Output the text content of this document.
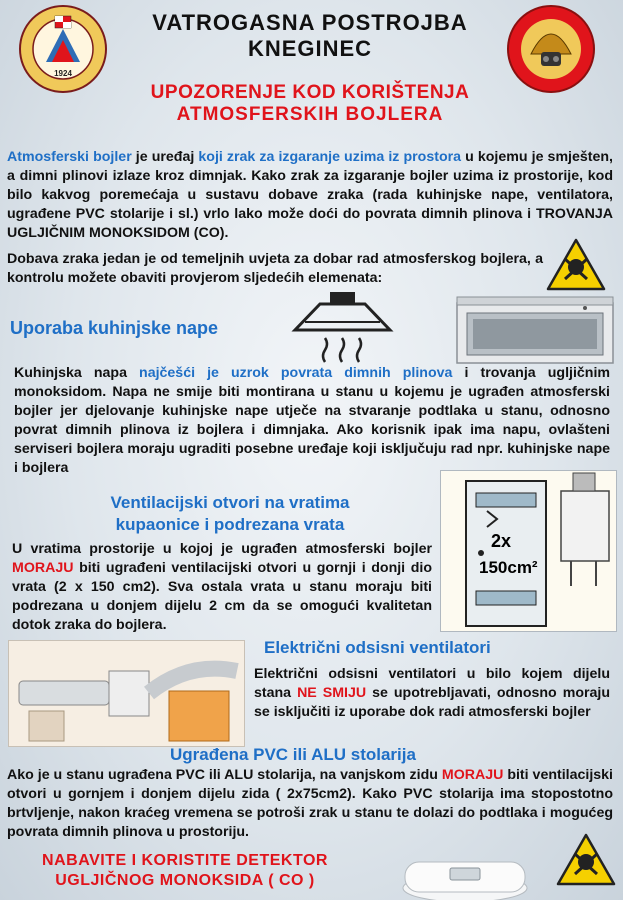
1924
VATROGASNA POSTROJBA
KNEGINEC
UPOZORENJE KOD KORIŠTENJA
ATMOSFERSKIH BOJLERA
Atmosferski bojler je uređaj koji zrak za izgaranje uzima iz prostora u kojemu je smješten, a dimni plinovi izlaze kroz dimnjak. Kako zrak za izgaranje bojler uzima iz prostorije, kod bilo kakvog poremećaja u sustavu dobave zraka (rada kuhinjske nape, ventilatora, ugrađene PVC stolarije i sl.) vrlo lako može doći do povrata dimnih plinova i TROVANJA UGLJIČNIM MONOKSIDOM (CO).
Dobava zraka jedan je od temeljnih uvjeta za dobar rad atmosferskog bojlera, a kontrolu možete obaviti provjerom sljedećih elemenata:
Uporaba kuhinjske nape
Kuhinjska napa najčešći je uzrok povrata dimnih plinova i trovanja ugljičnim monoksidom. Napa ne smije biti montirana u stanu u kojemu je ugrađen atmosferski bojler jer djelovanje kuhinjske nape utječe na stvaranje podtlaka u stanu, odnosno povrat dimnih plinova iz bojlera i dimnjaka. Ako korisnik ipak ima napu, ovlašteni serviseri bojlera moraju ugraditi posebne uređaje koji isključuju rad npr. kuhinjske nape i bojlera
Ventilacijski otvori na vratima
kupaonice i podrezana vrata
U vratima prostorije u kojoj je ugrađen atmosferski bojler MORAJU biti ugrađeni ventilacijski otvori u gornji i donji dio vrata (2 x 150 cm2). Sva ostala vrata u stanu moraju biti podrezana u donjem dijelu 2 cm da se omogući kvalitetan dotok zraka do bojlera.
2x
150cm²
Električni odsisni ventilatori
Električni odsisni ventilatori u bilo kojem dijelu stana NE SMIJU se upotrebljavati, odnosno moraju se isključiti iz uporabe dok radi atmosferski bojler
Ugrađena PVC ili ALU stolarija
Ako je u stanu ugrađena PVC ili ALU stolarija, na vanjskom zidu MORAJU biti ventilacijski otvori u gornjem i donjem dijelu zida ( 2x75cm2). Kako PVC stolarija ima stopostotno brtvljenje, nakon kraćeg vremena se potroši zrak u stanu te dolazi do podtlaka i mogućeg povrata dimnih plinova u prostoriju.
NABAVITE I KORISTITE DETEKTOR
UGLJIČNOG MONOKSIDA ( CO )
